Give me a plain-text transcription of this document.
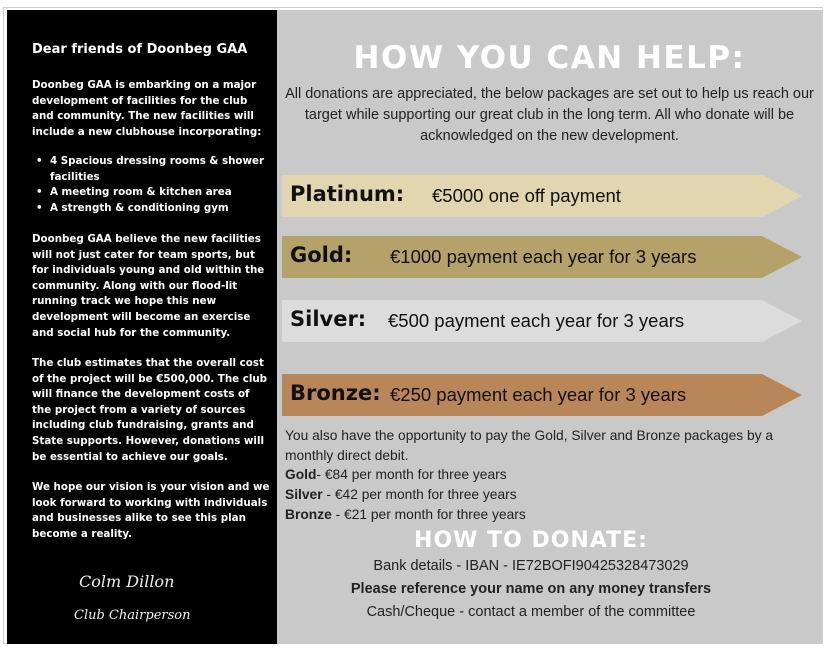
Dear friends of Doonbeg GAA

Doonbeg GAA is embarking on a major development of facilities for the club and community. The new facilities will include a new clubhouse incorporating:

• 4 Spacious dressing rooms & shower facilities
• A meeting room & kitchen area
• A strength & conditioning gym

Doonbeg GAA believe the new facilities will not just cater for team sports, but for individuals young and old within the community. Along with our flood-lit running track we hope this new development will become an exercise and social hub for the community.

The club estimates that the overall cost of the project will be €500,000. The club will finance the development costs of the project from a variety of sources including club fundraising, grants and State supports. However, donations will be essential to achieve our goals.

We hope our vision is your vision and we look forward to working with individuals and businesses alike to see this plan become a reality.

Colm Dillon
Club Chairperson
HOW YOU CAN HELP:
All donations are appreciated, the below packages are set out to help us reach our target while supporting our great club in the long term. All who donate will be acknowledged on the new development.
Platinum: €5000 one off payment
Gold: €1000 payment each year for 3 years
Silver: €500 payment each year for 3 years
Bronze: €250 payment each year for 3 years
You also have the opportunity to pay the Gold, Silver and Bronze packages by a monthly direct debit.
Gold- €84 per month for three years
Silver - €42 per month for three years
Bronze - €21 per month for three years
HOW TO DONATE:
Bank details - IBAN - IE72BOFI90425328473029
Please reference your name on any money transfers
Cash/Cheque - contact a member of the committee
